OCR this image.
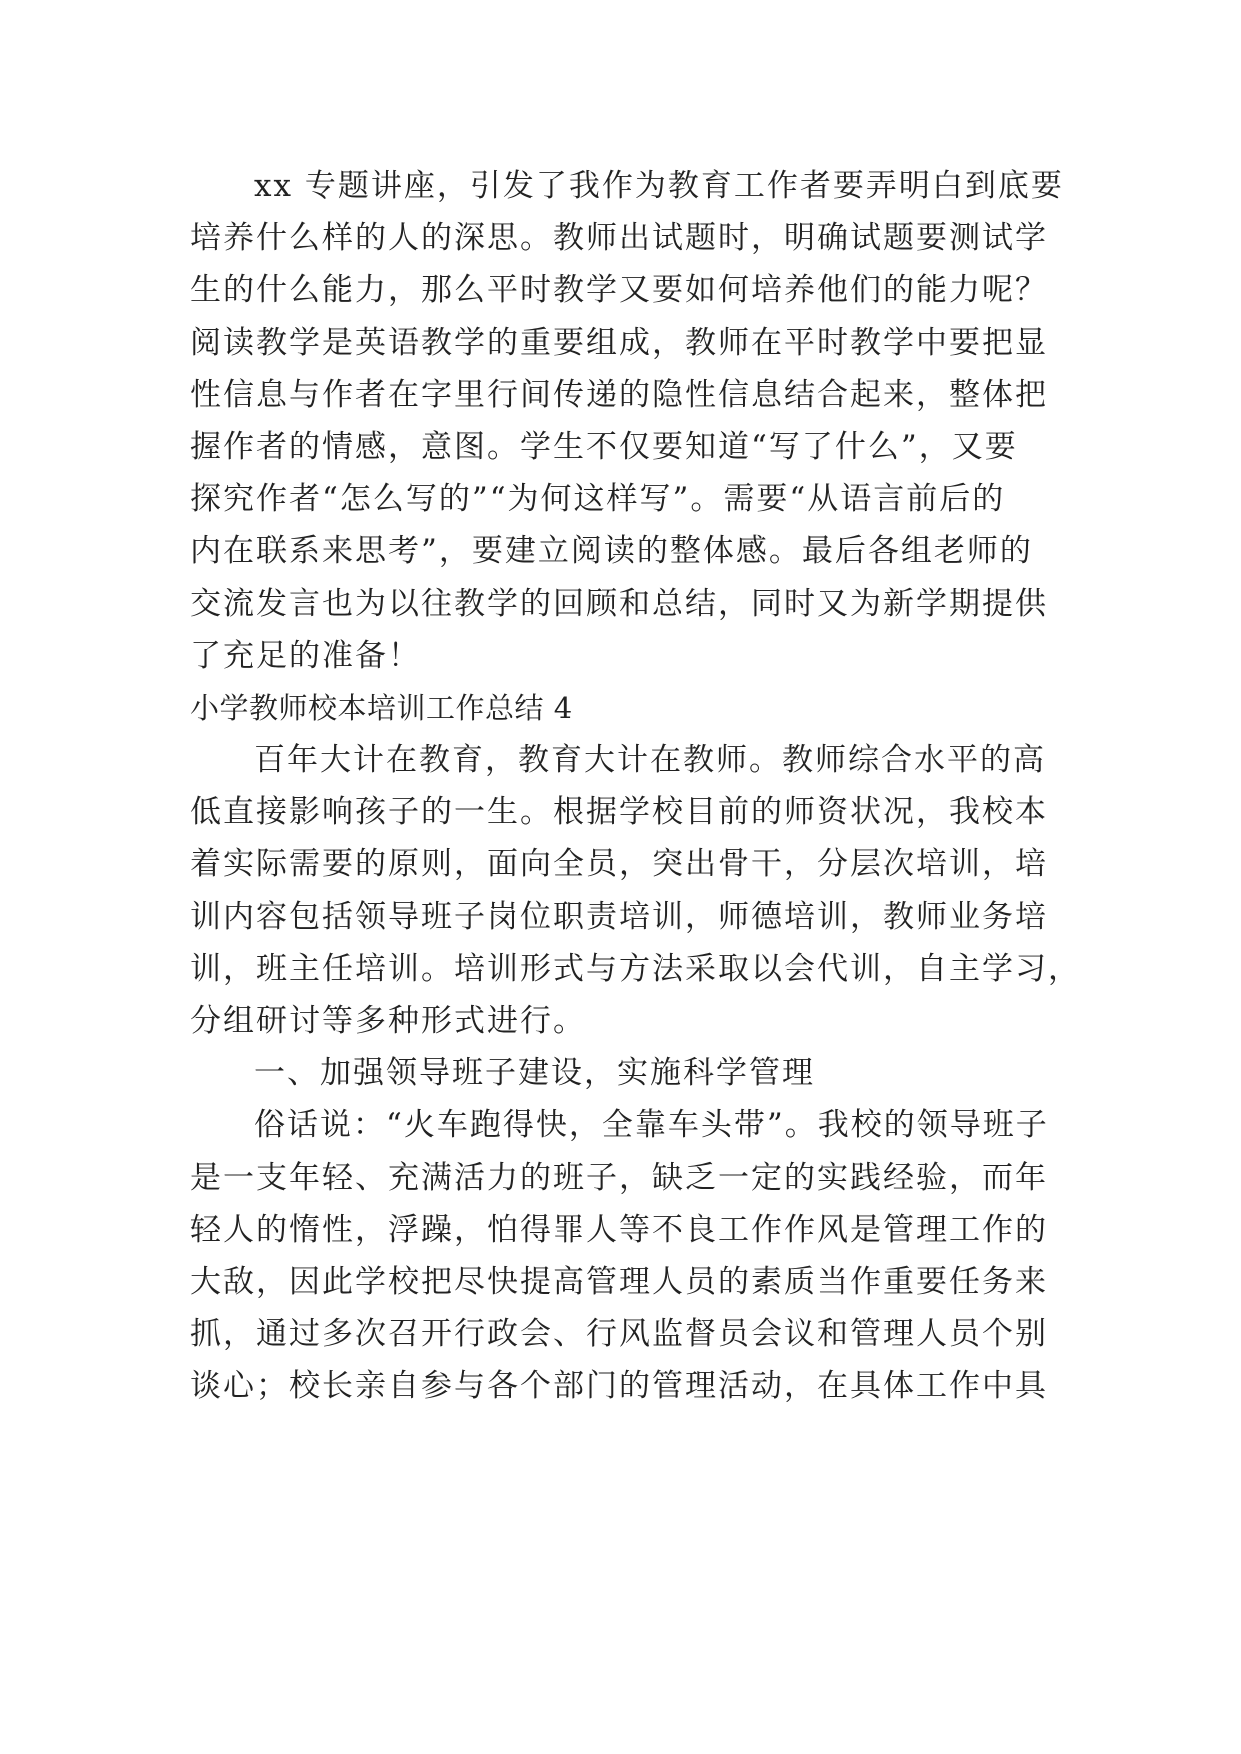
xx 专题讲座，引发了我作为教育工作者要弄明白到底要
培养什么样的人的深思。教师出试题时，明确试题要测试学
生的什么能力，那么平时教学又要如何培养他们的能力呢？
阅读教学是英语教学的重要组成，教师在平时教学中要把显
性信息与作者在字里行间传递的隐性信息结合起来，整体把
握作者的情感，意图。学生不仅要知道“写了什么”，又要
探究作者“怎么写的”“为何这样写”。需要“从语言前后的
内在联系来思考”，要建立阅读的整体感。最后各组老师的
交流发言也为以往教学的回顾和总结，同时又为新学期提供
了充足的准备！
小学教师校本培训工作总结 4
百年大计在教育，教育大计在教师。教师综合水平的高
低直接影响孩子的一生。根据学校目前的师资状况，我校本
着实际需要的原则，面向全员，突出骨干，分层次培训，培
训内容包括领导班子岗位职责培训，师德培训，教师业务培
训，班主任培训。培训形式与方法采取以会代训，自主学习，
分组研讨等多种形式进行。
一、加强领导班子建设，实施科学管理
俗话说：“火车跑得快，全靠车头带”。我校的领导班子
是一支年轻、充满活力的班子，缺乏一定的实践经验，而年
轻人的惰性，浮躁，怕得罪人等不良工作作风是管理工作的
大敌，因此学校把尽快提高管理人员的素质当作重要任务来
抓，通过多次召开行政会、行风监督员会议和管理人员个别
谈心；校长亲自参与各个部门的管理活动，在具体工作中具
